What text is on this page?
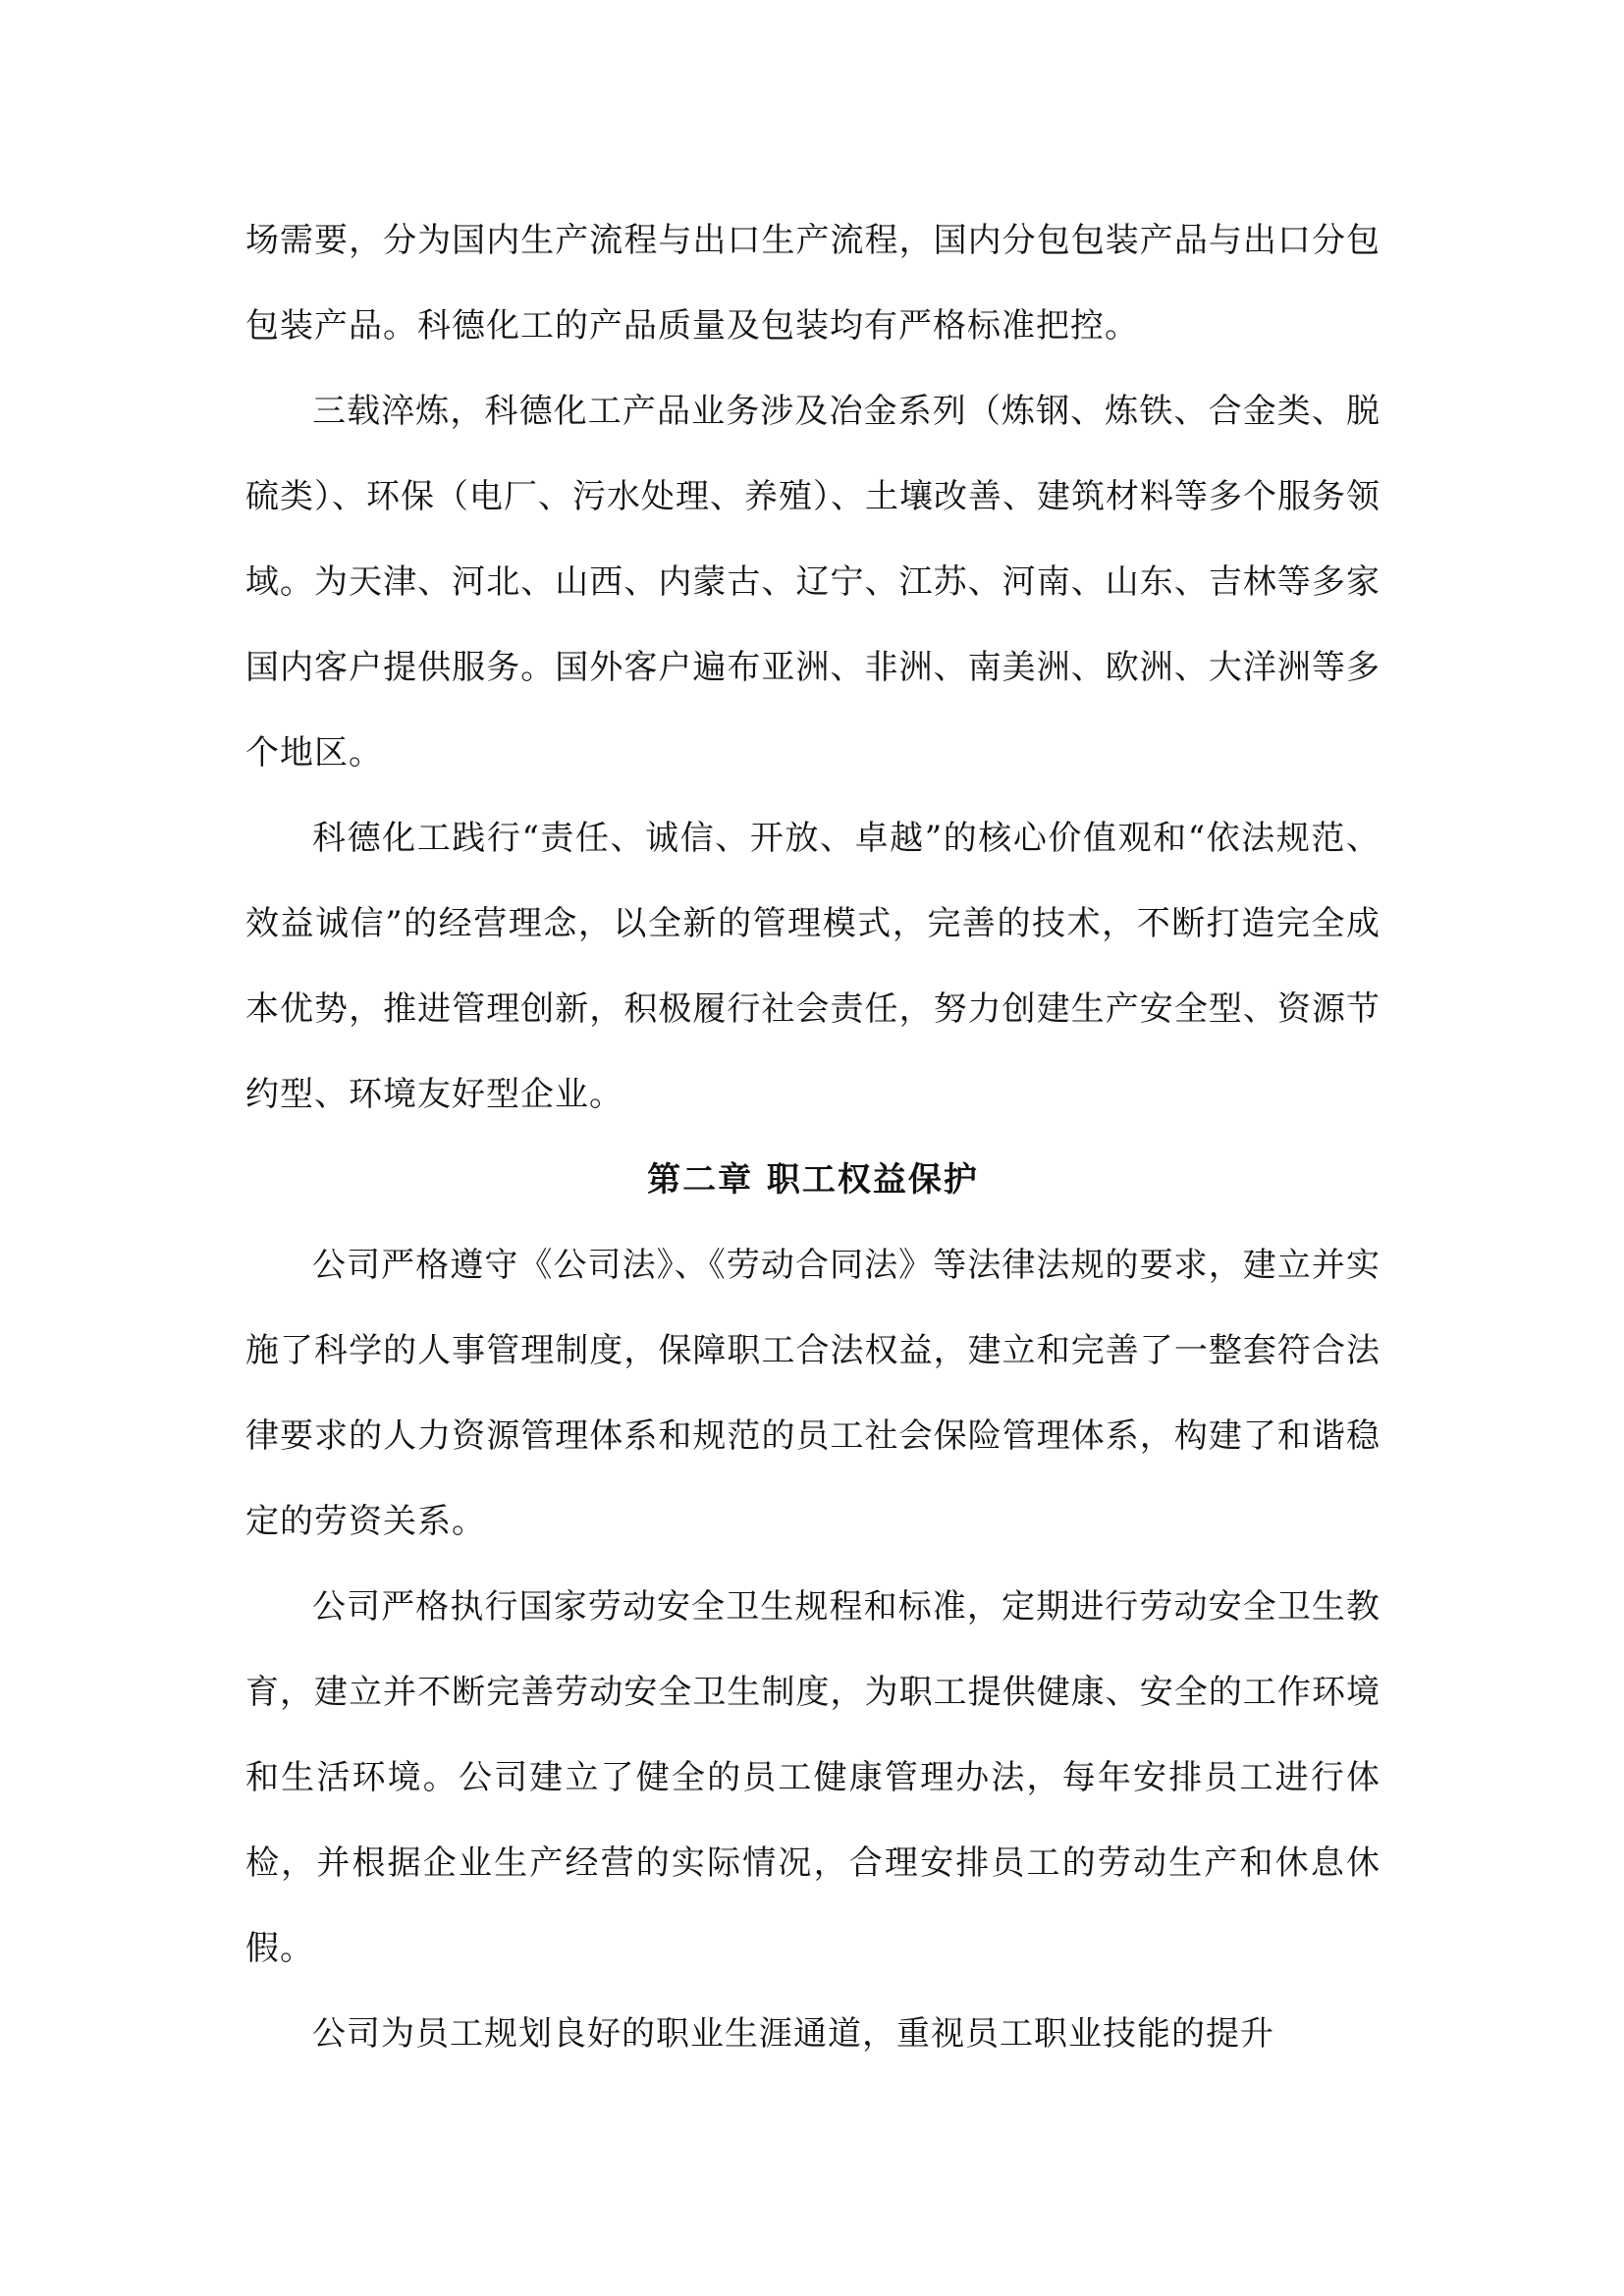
场需要，分为国内生产流程与出口生产流程，国内分包包装产品与出口分包包装产品。科德化工的产品质量及包装均有严格标准把控。

三载淬炼，科德化工产品业务涉及冶金系列（炼钢、炼铁、合金类、脱硫类）、环保（电厂、污水处理、养殖）、土壤改善、建筑材料等多个服务领域。为天津、河北、山西、内蒙古、辽宁、江苏、河南、山东、吉林等多家国内客户提供服务。国外客户遍布亚洲、非洲、南美洲、欧洲、大洋洲等多个地区。

科德化工践行“责任、诚信、开放、卓越”的核心价值观和“依法规范、效益诚信”的经营理念，以全新的管理模式，完善的技术，不断打造完全成本优势，推进管理创新，积极履行社会责任，努力创建生产安全型、资源节约型、环境友好型企业。

第二章 职工权益保护

公司严格遵守《公司法》、《劳动合同法》等法律法规的要求，建立并实施了科学的人事管理制度，保障职工合法权益，建立和完善了一整套符合法律要求的人力资源管理体系和规范的员工社会保险管理体系，构建了和谐稳定的劳资关系。

公司严格执行国家劳动安全卫生规程和标准，定期进行劳动安全卫生教育，建立并不断完善劳动安全卫生制度，为职工提供健康、安全的工作环境和生活环境。公司建立了健全的员工健康管理办法，每年安排员工进行体检，并根据企业生产经营的实际情况，合理安排员工的劳动生产和休息休假。

公司为员工规划良好的职业生涯通道，重视员工职业技能的提升
